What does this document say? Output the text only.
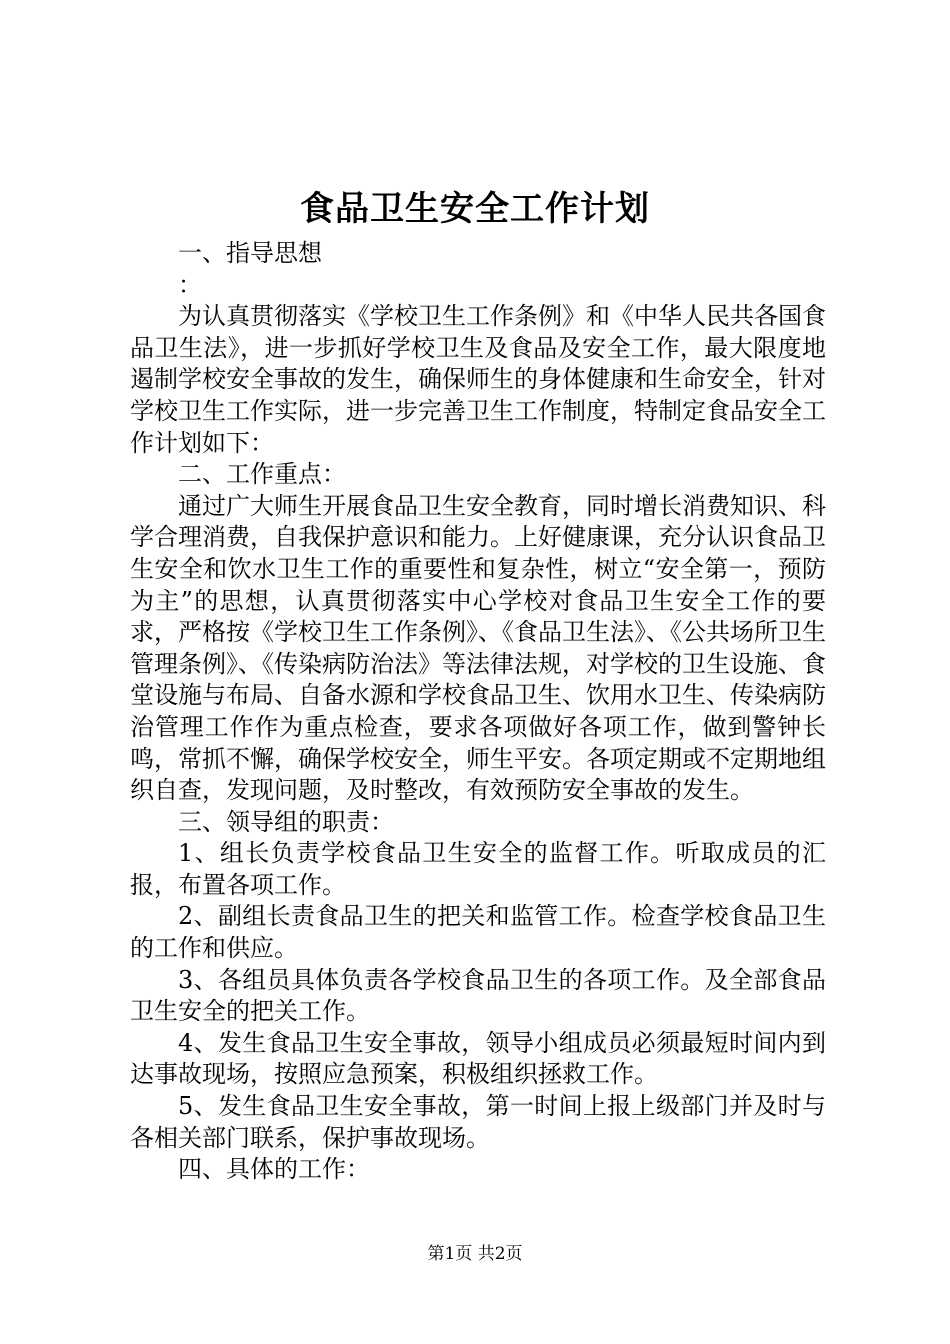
食品卫生安全工作计划

一、指导思想

：

为认真贯彻落实《学校卫生工作条例》和《中华人民共各国食品卫生法》，进一步抓好学校卫生及食品及安全工作，最大限度地遏制学校安全事故的发生，确保师生的身体健康和生命安全，针对学校卫生工作实际，进一步完善卫生工作制度，特制定食品安全工作计划如下：

二、工作重点：

通过广大师生开展食品卫生安全教育，同时增长消费知识、科学合理消费，自我保护意识和能力。上好健康课，充分认识食品卫生安全和饮水卫生工作的重要性和复杂性，树立“安全第一，预防为主”的思想，认真贯彻落实中心学校对食品卫生安全工作的要求，严格按《学校卫生工作条例》、《食品卫生法》、《公共场所卫生管理条例》、《传染病防治法》等法律法规，对学校的卫生设施、食堂设施与布局、自备水源和学校食品卫生、饮用水卫生、传染病防治管理工作作为重点检查，要求各项做好各项工作，做到警钟长鸣，常抓不懈，确保学校安全，师生平安。各项定期或不定期地组织自查，发现问题，及时整改，有效预防安全事故的发生。

三、领导组的职责：

1、组长负责学校食品卫生安全的监督工作。听取成员的汇报，布置各项工作。

2、副组长责食品卫生的把关和监管工作。检查学校食品卫生的工作和供应。

3、各组员具体负责各学校食品卫生的各项工作。及全部食品卫生安全的把关工作。

4、发生食品卫生安全事故，领导小组成员必须最短时间内到达事故现场，按照应急预案，积极组织拯救工作。

5、发生食品卫生安全事故，第一时间上报上级部门并及时与各相关部门联系，保护事故现场。

四、具体的工作：

第1页 共2页
